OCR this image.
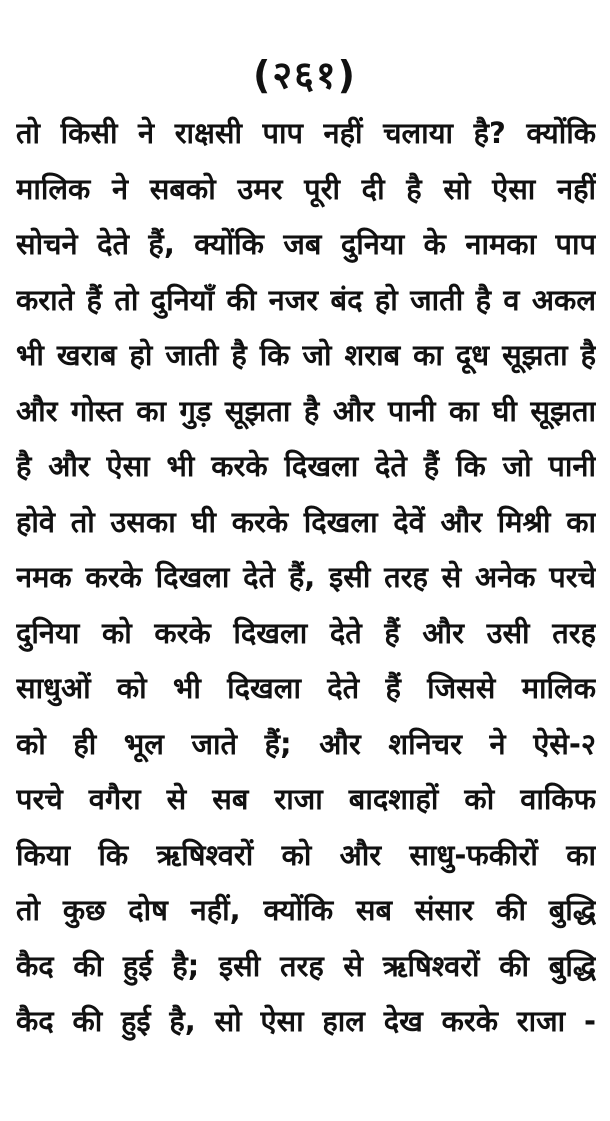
(२६१)
तो किसी ने राक्षसी पाप नहीं चलाया है? क्योंकि
मालिक ने सबको उमर पूरी दी है सो ऐसा नहीं
सोचने देते हैं, क्योंकि जब दुनिया के नामका पाप
कराते हैं तो दुनियाँ की नजर बंद हो जाती है व अकल
भी खराब हो जाती है कि जो शराब का दूध सूझता है
और गोस्त का गुड़ सूझता है और पानी का घी सूझता
है और ऐसा भी करके दिखला देते हैं कि जो पानी
होवे तो उसका घी करके दिखला देवें और मिश्री का
नमक करके दिखला देते हैं, इसी तरह से अनेक परचे
दुनिया को करके दिखला देते हैं और उसी तरह
साधुओं को भी दिखला देते हैं जिससे मालिक
को ही भूल जाते हैं; और शनिचर ने ऐसे-२
परचे वगैरा से सब राजा बादशाहों को वाकिफ
किया कि ऋषिश्वरों को और साधु-फकीरों का
तो कुछ दोष नहीं, क्योंकि सब संसार की बुद्धि
कैद की हुई है; इसी तरह से ऋषिश्वरों की बुद्धि
कैद की हुई है, सो ऐसा हाल देख करके राजा -
